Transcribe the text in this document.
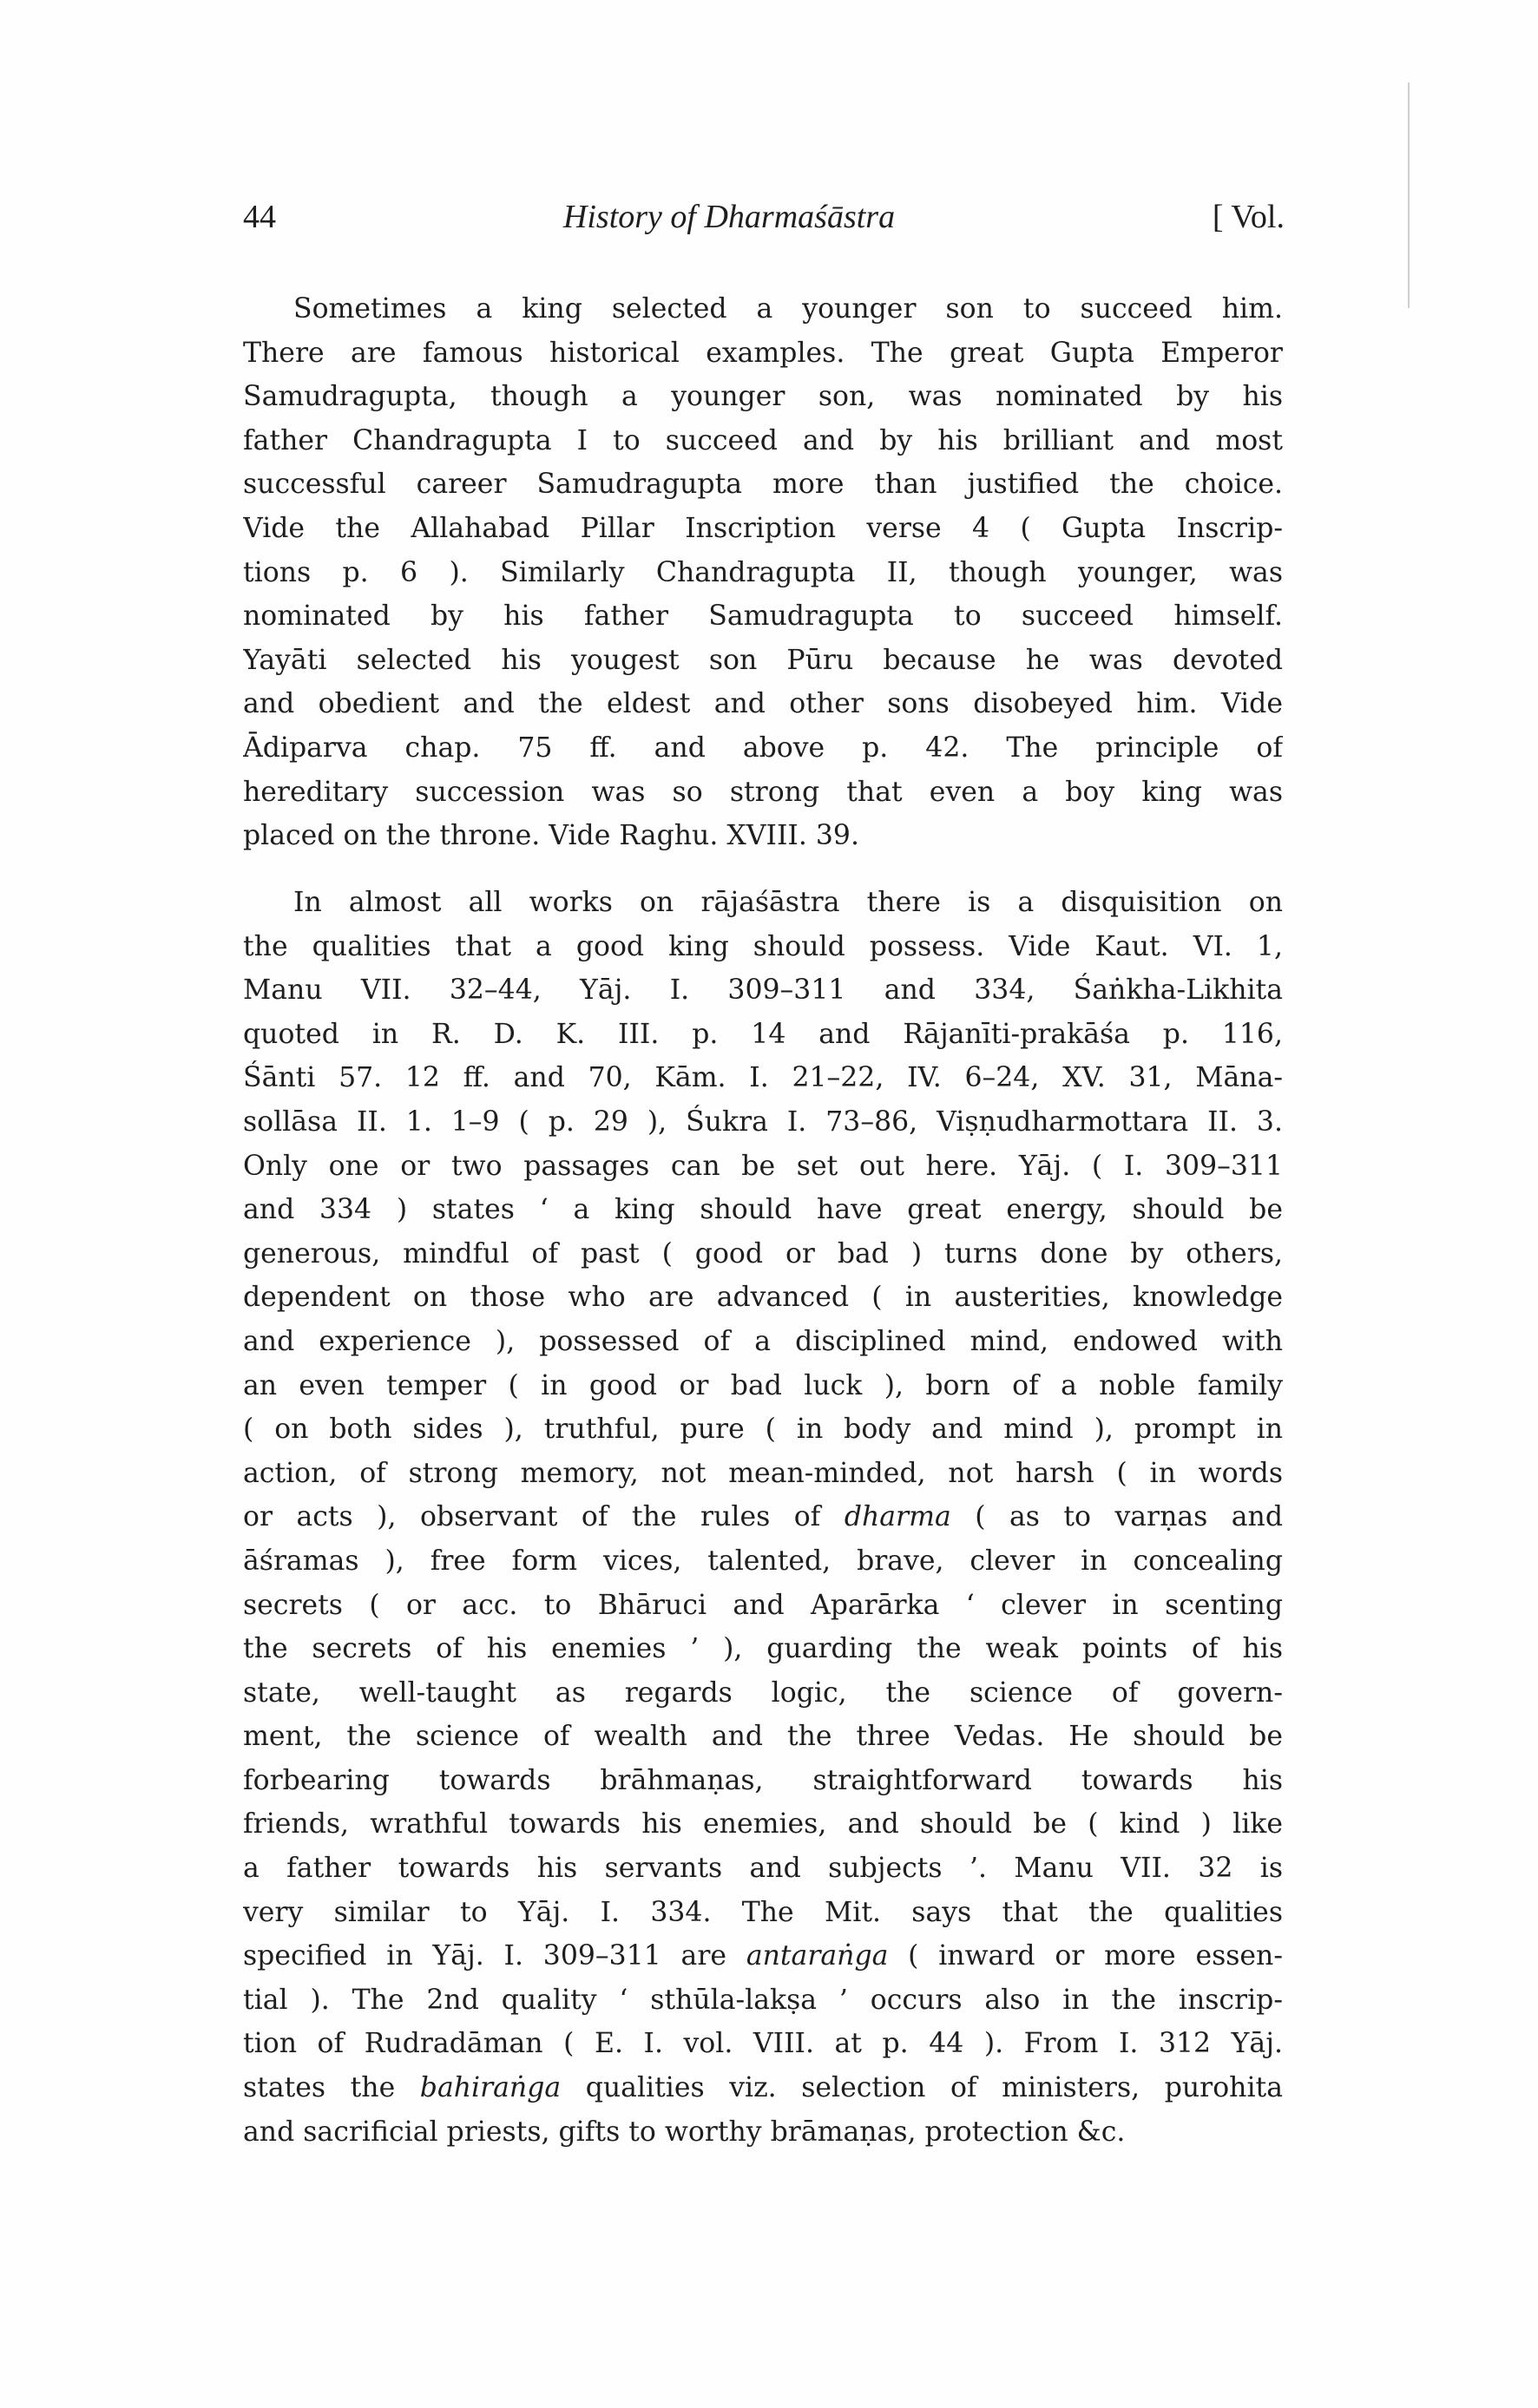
44	History of Dharmaśāstra	[ Vol.
Sometimes a king selected a younger son to succeed him.
There are famous historical examples. The great Gupta Emperor
Samudragupta, though a younger son, was nominated by his
father Chandragupta I to succeed and by his brilliant and most
successful career Samudragupta more than justified the choice.
Vide the Allahabad Pillar Inscription verse 4 ( Gupta Inscrip-
tions p. 6 ). Similarly Chandragupta II, though younger, was
nominated by his father Samudragupta to succeed himself.
Yayāti selected his yougest son Pūru because he was devoted
and obedient and the eldest and other sons disobeyed him. Vide
Ādiparva chap. 75 ff. and above p. 42. The principle of
hereditary succession was so strong that even a boy king was
placed on the throne. Vide Raghu. XVIII. 39.
In almost all works on rājaśāstra there is a disquisition on
the qualities that a good king should possess. Vide Kaut. VI. 1,
Manu VII. 32–44, Yāj. I. 309–311 and 334, Śaṅkha-Likhita
quoted in R. D. K. III. p. 14 and Rājanīti-prakāśa p. 116,
Śānti 57. 12 ff. and 70, Kām. I. 21–22, IV. 6–24, XV. 31, Māna-
sollāsa II. 1. 1–9 ( p. 29 ), Śukra I. 73–86, Viṣṇudharmottara II. 3.
Only one or two passages can be set out here. Yāj. ( I. 309–311
and 334 ) states ‘ a king should have great energy, should be
generous, mindful of past ( good or bad ) turns done by others,
dependent on those who are advanced ( in austerities, knowledge
and experience ), possessed of a disciplined mind, endowed with
an even temper ( in good or bad luck ), born of a noble family
( on both sides ), truthful, pure ( in body and mind ), prompt in
action, of strong memory, not mean-minded, not harsh ( in words
or acts ), observant of the rules of dharma ( as to varṇas and
āśramas ), free form vices, talented, brave, clever in concealing
secrets ( or acc. to Bhāruci and Aparārka ‘ clever in scenting
the secrets of his enemies ’ ), guarding the weak points of his
state, well-taught as regards logic, the science of govern-
ment, the science of wealth and the three Vedas. He should be
forbearing towards brāhmaṇas, straightforward towards his
friends, wrathful towards his enemies, and should be ( kind ) like
a father towards his servants and subjects ’. Manu VII. 32 is
very similar to Yāj. I. 334. The Mit. says that the qualities
specified in Yāj. I. 309–311 are antaraṅga ( inward or more essen-
tial ). The 2nd quality ‘ sthūla-lakṣa ’ occurs also in the inscrip-
tion of Rudradāman ( E. I. vol. VIII. at p. 44 ). From I. 312 Yāj.
states the bahiraṅga qualities viz. selection of ministers, purohita
and sacrificial priests, gifts to worthy brāmaṇas, protection &c.
